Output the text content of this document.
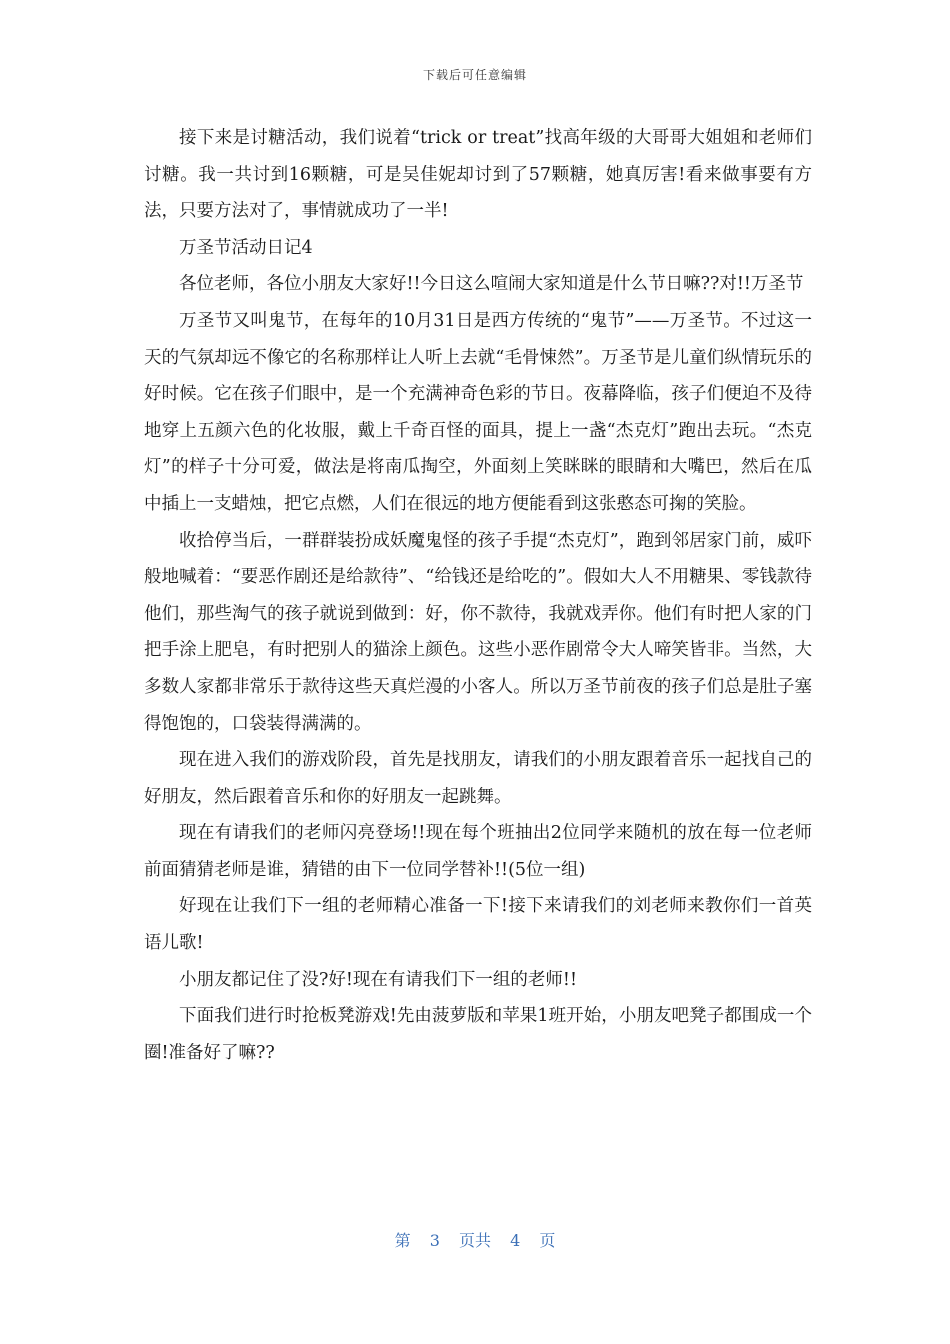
下载后可任意编辑

接下来是讨糖活动，我们说着“trick or treat”找高年级的大哥哥大姐姐和老师们讨糖。我一共讨到16颗糖，可是吴佳妮却讨到了57颗糖，她真厉害!看来做事要有方法，只要方法对了，事情就成功了一半!

万圣节活动日记4

各位老师，各位小朋友大家好!!今日这么喧闹大家知道是什么节日嘛??对!!万圣节

万圣节又叫鬼节，在每年的10月31日是西方传统的“鬼节”——万圣节。不过这一天的气氛却远不像它的名称那样让人听上去就“毛骨悚然”。万圣节是儿童们纵情玩乐的好时候。它在孩子们眼中，是一个充满神奇色彩的节日。夜幕降临，孩子们便迫不及待地穿上五颜六色的化妆服，戴上千奇百怪的面具，提上一盏“杰克灯”跑出去玩。“杰克灯”的样子十分可爱，做法是将南瓜掏空，外面刻上笑眯眯的眼睛和大嘴巴，然后在瓜中插上一支蜡烛，把它点燃，人们在很远的地方便能看到这张憨态可掬的笑脸。

收拾停当后，一群群装扮成妖魔鬼怪的孩子手提“杰克灯”，跑到邻居家门前，威吓般地喊着：“要恶作剧还是给款待”、“给钱还是给吃的”。假如大人不用糖果、零钱款待他们，那些淘气的孩子就说到做到：好，你不款待，我就戏弄你。他们有时把人家的门把手涂上肥皂，有时把别人的猫涂上颜色。这些小恶作剧常令大人啼笑皆非。当然，大多数人家都非常乐于款待这些天真烂漫的小客人。所以万圣节前夜的孩子们总是肚子塞得饱饱的，口袋装得满满的。

现在进入我们的游戏阶段，首先是找朋友，请我们的小朋友跟着音乐一起找自己的好朋友，然后跟着音乐和你的好朋友一起跳舞。

现在有请我们的老师闪亮登场!!现在每个班抽出2位同学来随机的放在每一位老师前面猜猜老师是谁，猜错的由下一位同学替补!!(5位一组)

好现在让我们下一组的老师精心准备一下!接下来请我们的刘老师来教你们一首英语儿歌!

小朋友都记住了没?好!现在有请我们下一组的老师!!

下面我们进行时抢板凳游戏!先由菠萝版和苹果1班开始，小朋友吧凳子都围成一个圈!准备好了嘛??

第 3 页共 4 页
